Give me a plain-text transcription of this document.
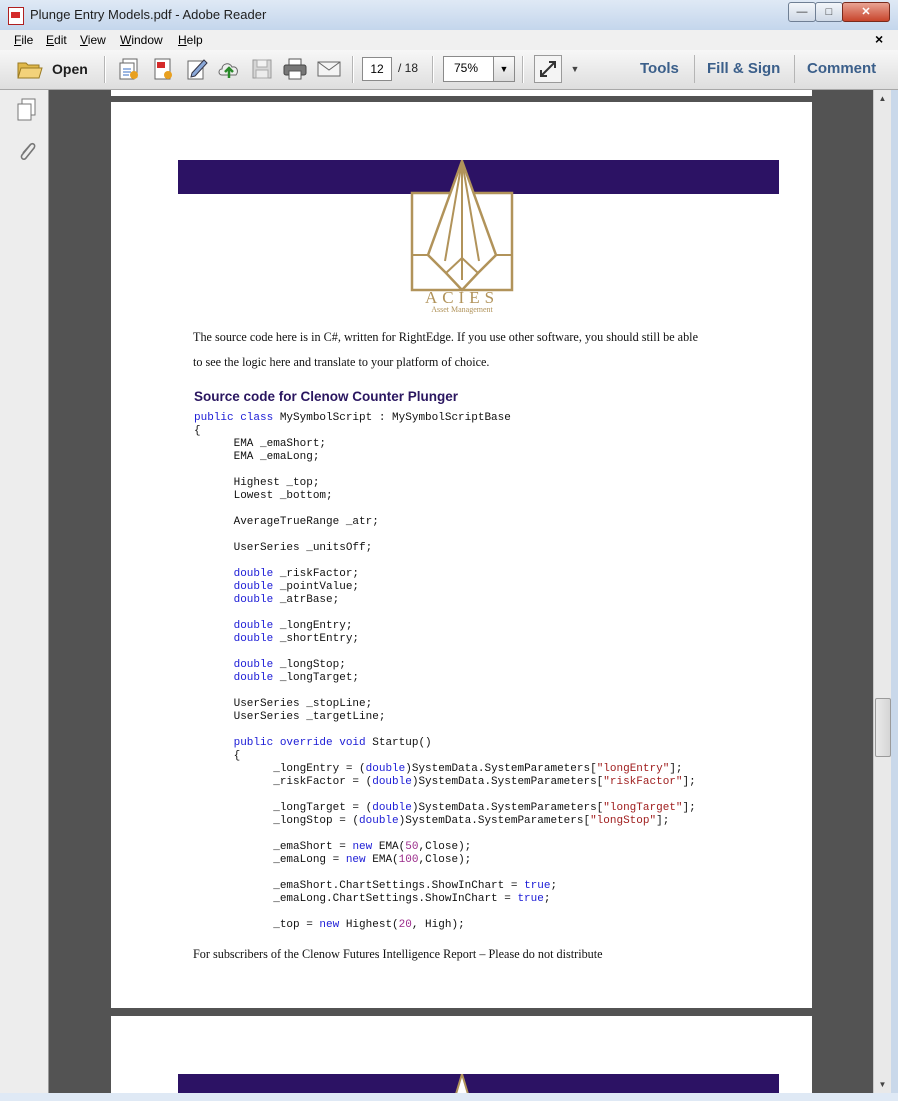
Plunge Entry Models.pdf - Adobe Reader	—	□	✕
File Edit View Window Help	×
Open	▼
12	/ 18	75%	▼	Tools Fill & Sign Comment
ACIES
Asset Management
The source code here is in C#, written for RightEdge. If you use other software, you should still be able
to see the logic here and translate to your platform of choice.
Source code for Clenow Counter Plunger
public class MySymbolScript : MySymbolScriptBase
{
EMA _emaShort;
EMA _emaLong;
Highest _top;
Lowest _bottom;
AverageTrueRange _atr;
UserSeries _unitsOff;
double _riskFactor;
double _pointValue;
double _atrBase;
double _longEntry;
double _shortEntry;
double _longStop;
double _longTarget;
UserSeries _stopLine;
UserSeries _targetLine;
public override void Startup()
{
_longEntry = (double)SystemData.SystemParameters["longEntry"];
_riskFactor = (double)SystemData.SystemParameters["riskFactor"];
_longTarget = (double)SystemData.SystemParameters["longTarget"];
_longStop = (double)SystemData.SystemParameters["longStop"];
_emaShort = new EMA(50,Close);
_emaLong = new EMA(100,Close);
_emaShort.ChartSettings.ShowInChart = true;
_emaLong.ChartSettings.ShowInChart = true;
_top = new Highest(20, High);
For subscribers of the Clenow Futures Intelligence Report – Please do not distribute
▲
▼
